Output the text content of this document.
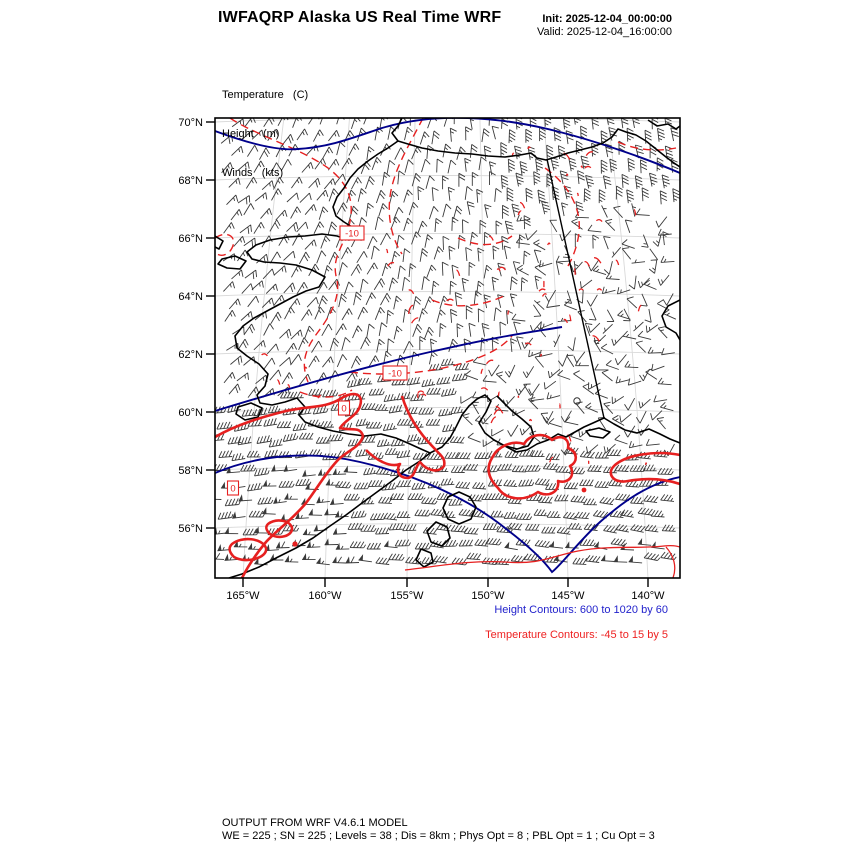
IWFAQRP Alaska US Real Time WRF	Init: 2025-12-04_00:00:00
Valid: 2025-12-04_16:00:00

Temperature   (C)

Height   (m)

Winds   (kts)

-10
-10
0
0
70°N
68°N
66°N
64°N
62°N
60°N
58°N
56°N
165°W	160°W	155°W	150°W	145°W	140°W
Height Contours: 600 to 1020 by 60
Temperature Contours: -45 to 15 by 5
OUTPUT FROM WRF V4.6.1 MODEL
WE = 225 ; SN = 225 ; Levels = 38 ; Dis = 8km ; Phys Opt = 8 ; PBL Opt = 1 ; Cu Opt = 3
